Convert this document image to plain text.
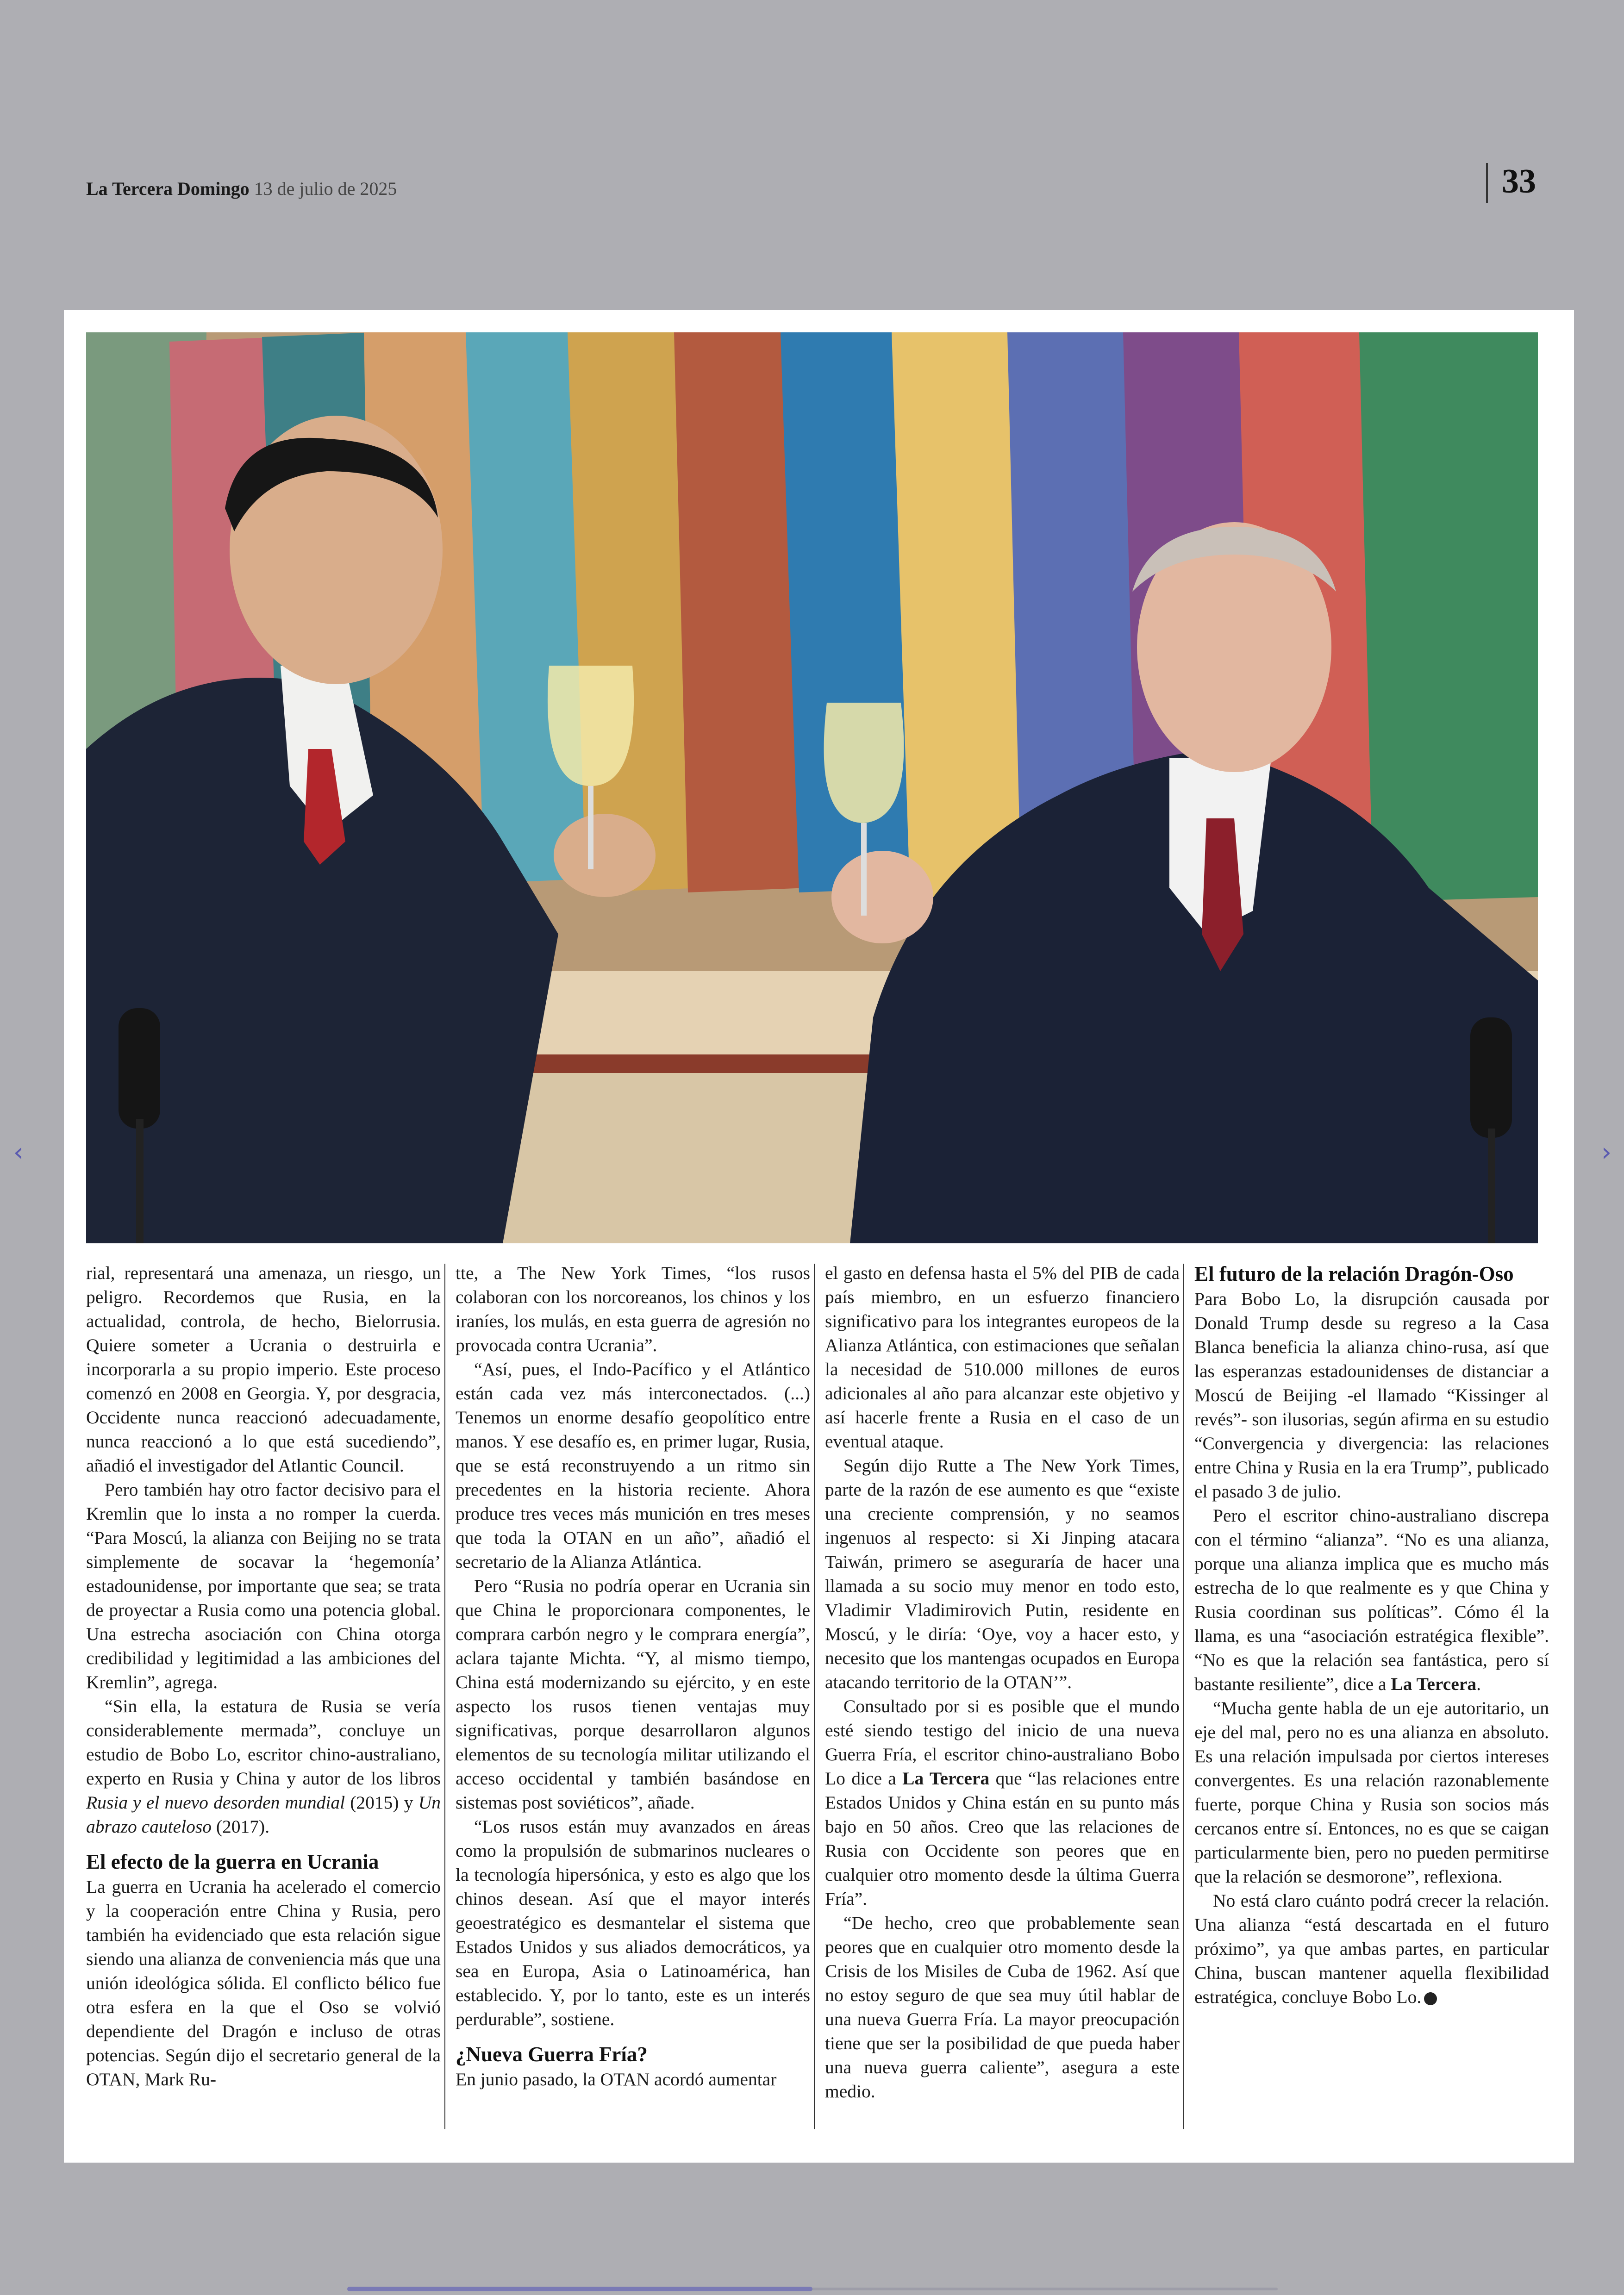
La Tercera Domingo 13 de julio de 2025	33

rial, representará una amenaza, un riesgo, un peligro. Recordemos que Rusia, en la actualidad, controla, de hecho, Bielorrusia. Quiere someter a Ucrania o destruirla e incorporarla a su propio imperio. Este proceso comenzó en 2008 en Georgia. Y, por desgracia, Occidente nunca reaccionó adecuadamente, nunca reaccionó a lo que está sucediendo”, añadió el investigador del Atlantic Council.

Pero también hay otro factor decisivo para el Kremlin que lo insta a no romper la cuerda. “Para Moscú, la alianza con Beijing no se trata simplemente de socavar la ‘hegemonía’ estadounidense, por importante que sea; se trata de proyectar a Rusia como una potencia global. Una estrecha asociación con China otorga credibilidad y legitimidad a las ambiciones del Kremlin”, agrega.

“Sin ella, la estatura de Rusia se vería considerablemente mermada”, concluye un estudio de Bobo Lo, escritor chino-australiano, experto en Rusia y China y autor de los libros Rusia y el nuevo desorden mundial (2015) y Un abrazo cauteloso (2017).

El efecto de la guerra en Ucrania

La guerra en Ucrania ha acelerado el comercio y la cooperación entre China y Rusia, pero también ha evidenciado que esta relación sigue siendo una alianza de conveniencia más que una unión ideológica sólida. El conflicto bélico fue otra esfera en la que el Oso se volvió dependiente del Dragón e incluso de otras potencias. Según dijo el secretario general de la OTAN, Mark Ru-

tte, a The New York Times, “los rusos colaboran con los norcoreanos, los chinos y los iraníes, los mulás, en esta guerra de agresión no provocada contra Ucrania”.

“Así, pues, el Indo-Pacífico y el Atlántico están cada vez más interconectados. (...) Tenemos un enorme desafío geopolítico entre manos. Y ese desafío es, en primer lugar, Rusia, que se está reconstruyendo a un ritmo sin precedentes en la historia reciente. Ahora produce tres veces más munición en tres meses que toda la OTAN en un año”, añadió el secretario de la Alianza Atlántica.

Pero “Rusia no podría operar en Ucrania sin que China le proporcionara componentes, le comprara carbón negro y le comprara energía”, aclara tajante Michta. “Y, al mismo tiempo, China está modernizando su ejército, y en este aspecto los rusos tienen ventajas muy significativas, porque desarrollaron algunos elementos de su tecnología militar utilizando el acceso occidental y también basándose en sistemas post soviéticos”, añade.

“Los rusos están muy avanzados en áreas como la propulsión de submarinos nucleares o la tecnología hipersónica, y esto es algo que los chinos desean. Así que el mayor interés geoestratégico es desmantelar el sistema que Estados Unidos y sus aliados democráticos, ya sea en Europa, Asia o Latinoamérica, han establecido. Y, por lo tanto, este es un interés perdurable”, sostiene.

¿Nueva Guerra Fría?

En junio pasado, la OTAN acordó aumentar

el gasto en defensa hasta el 5% del PIB de cada país miembro, en un esfuerzo financiero significativo para los integrantes europeos de la Alianza Atlántica, con estimaciones que señalan la necesidad de 510.000 millones de euros adicionales al año para alcanzar este objetivo y así hacerle frente a Rusia en el caso de un eventual ataque.

Según dijo Rutte a The New York Times, parte de la razón de ese aumento es que “existe una creciente comprensión, y no seamos ingenuos al respecto: si Xi Jinping atacara Taiwán, primero se aseguraría de hacer una llamada a su socio muy menor en todo esto, Vladimir Vladimirovich Putin, residente en Moscú, y le diría: ‘Oye, voy a hacer esto, y necesito que los mantengas ocupados en Europa atacando territorio de la OTAN’”.

Consultado por si es posible que el mundo esté siendo testigo del inicio de una nueva Guerra Fría, el escritor chino-australiano Bobo Lo dice a La Tercera que “las relaciones entre Estados Unidos y China están en su punto más bajo en 50 años. Creo que las relaciones de Rusia con Occidente son peores que en cualquier otro momento desde la última Guerra Fría”.

“De hecho, creo que probablemente sean peores que en cualquier otro momento desde la Crisis de los Misiles de Cuba de 1962. Así que no estoy seguro de que sea muy útil hablar de una nueva Guerra Fría. La mayor preocupación tiene que ser la posibilidad de que pueda haber una nueva guerra caliente”, asegura a este medio.

El futuro de la relación Dragón-Oso

Para Bobo Lo, la disrupción causada por Donald Trump desde su regreso a la Casa Blanca beneficia la alianza chino-rusa, así que las esperanzas estadounidenses de distanciar a Moscú de Beijing -el llamado “Kissinger al revés”- son ilusorias, según afirma en su estudio “Convergencia y divergencia: las relaciones entre China y Rusia en la era Trump”, publicado el pasado 3 de julio.

Pero el escritor chino-australiano discrepa con el término “alianza”. “No es una alianza, porque una alianza implica que es mucho más estrecha de lo que realmente es y que China y Rusia coordinan sus políticas”. Cómo él la llama, es una “asociación estratégica flexible”. “No es que la relación sea fantástica, pero sí bastante resiliente”, dice a La Tercera.

“Mucha gente habla de un eje autoritario, un eje del mal, pero no es una alianza en absoluto. Es una relación impulsada por ciertos intereses convergentes. Es una relación razonablemente fuerte, porque China y Rusia son socios más cercanos entre sí. Entonces, no es que se caigan particularmente bien, pero no pueden permitirse que la relación se desmorone”, reflexiona.

No está claro cuánto podrá crecer la relación. Una alianza “está descartada en el futuro próximo”, ya que ambas partes, en particular China, buscan mantener aquella flexibilidad estratégica, concluye Bobo Lo.

‹	›
